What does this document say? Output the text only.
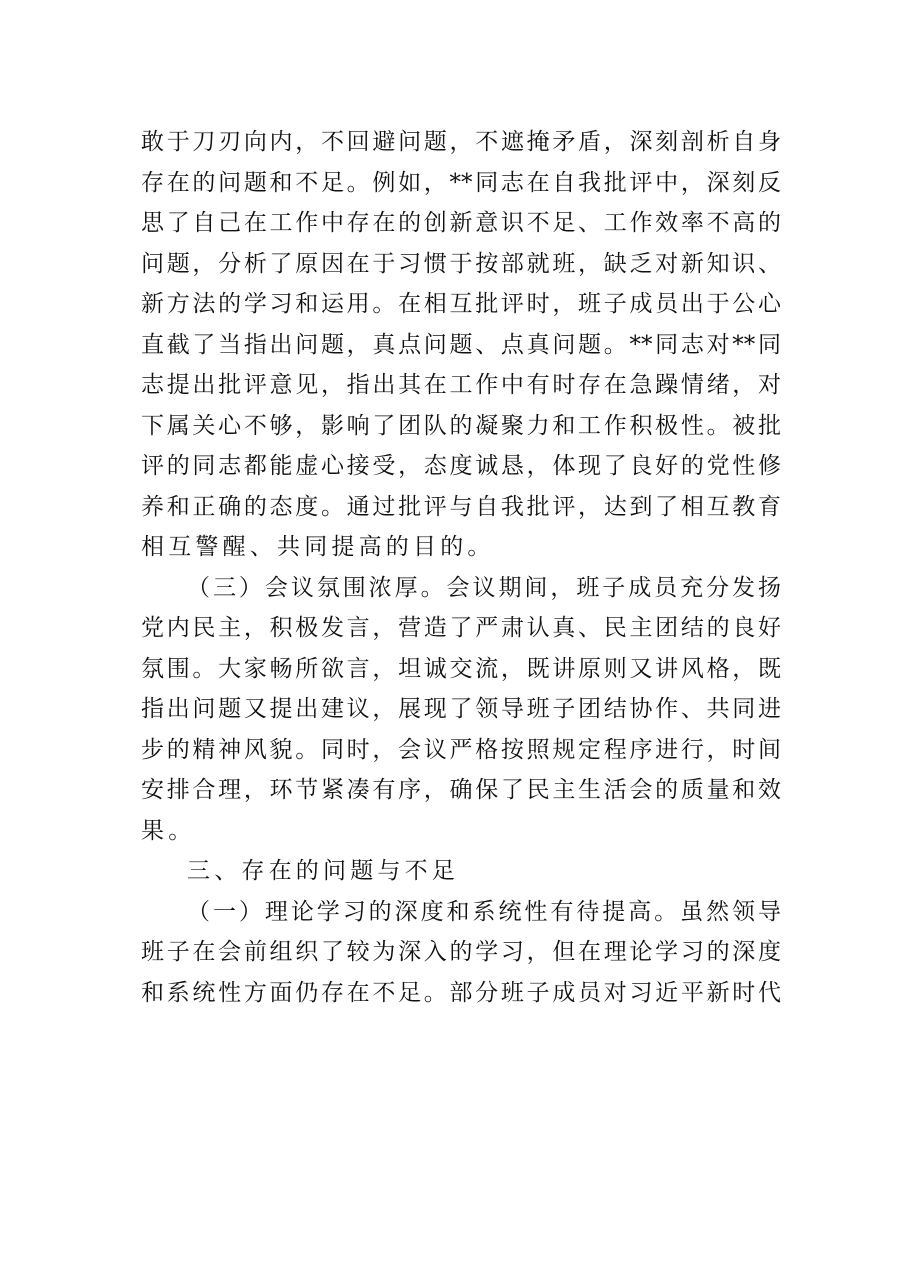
敢于刀刃向内，不回避问题，不遮掩矛盾，深刻剖析自身
存在的问题和不足。例如，**同志在自我批评中，深刻反
思了自己在工作中存在的创新意识不足、工作效率不高的
问题，分析了原因在于习惯于按部就班，缺乏对新知识、
新方法的学习和运用。在相互批评时，班子成员出于公心
直截了当指出问题，真点问题、点真问题。**同志对**同
志提出批评意见，指出其在工作中有时存在急躁情绪，对
下属关心不够，影响了团队的凝聚力和工作积极性。被批
评的同志都能虚心接受，态度诚恳，体现了良好的党性修
养和正确的态度。通过批评与自我批评，达到了相互教育
相互警醒、共同提高的目的。
（三）会议氛围浓厚。会议期间，班子成员充分发扬
党内民主，积极发言，营造了严肃认真、民主团结的良好
氛围。大家畅所欲言，坦诚交流，既讲原则又讲风格，既
指出问题又提出建议，展现了领导班子团结协作、共同进
步的精神风貌。同时，会议严格按照规定程序进行，时间
安排合理，环节紧凑有序，确保了民主生活会的质量和效
果。
三、存在的问题与不足
（一）理论学习的深度和系统性有待提高。虽然领导
班子在会前组织了较为深入的学习，但在理论学习的深度
和系统性方面仍存在不足。部分班子成员对习近平新时代
